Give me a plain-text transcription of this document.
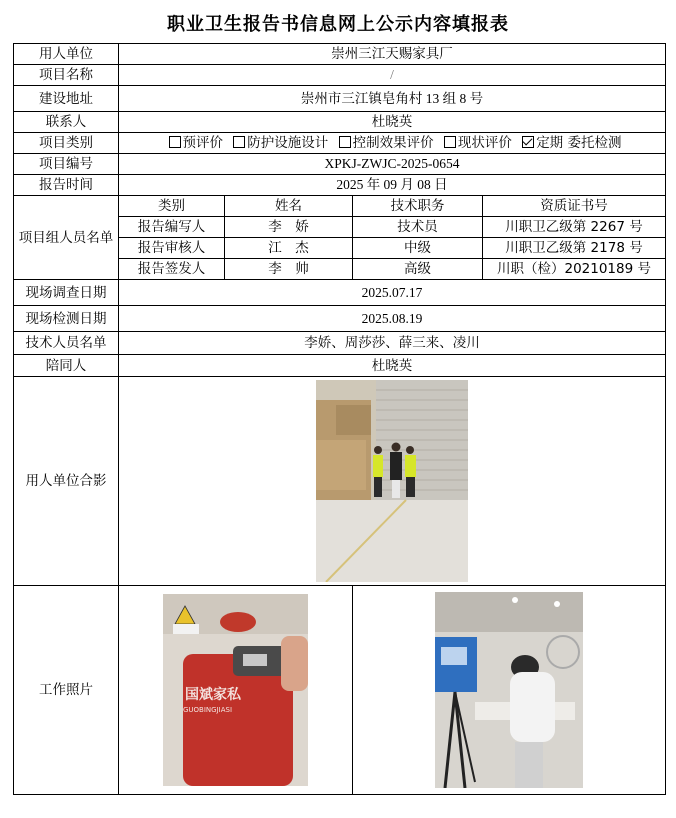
职业卫生报告书信息网上公示内容填报表
用人单位	崇州三江天赐家具厂			
项目名称	/			
建设地址	崇州市三江镇皂角村 13 组 8 号			
联系人	杜晓英			
项目类别	预评价 防护设施设计 控制效果评价 现状评价 定期 委托检测			
项目编号	XPKJ-ZWJC-2025-0654			
报告时间	2025 年 09 月 08 日			
项目组人员名单	类别	姓名	技术职务	资质证书号
	报告编写人	李　娇	技术员	川职卫乙级第 2267 号
	报告审核人	江　杰	中级	川职卫乙级第 2178 号
	报告签发人	李　帅	高级	川职（检）20210189 号
现场调查日期	2025.07.17			
现场检测日期	2025.08.19			
技术人员名单	李娇、周莎莎、薛三来、凌川			
陪同人	杜晓英			
用人单位合影	

工作照片	国斌家私
GUOBINGJIASI
